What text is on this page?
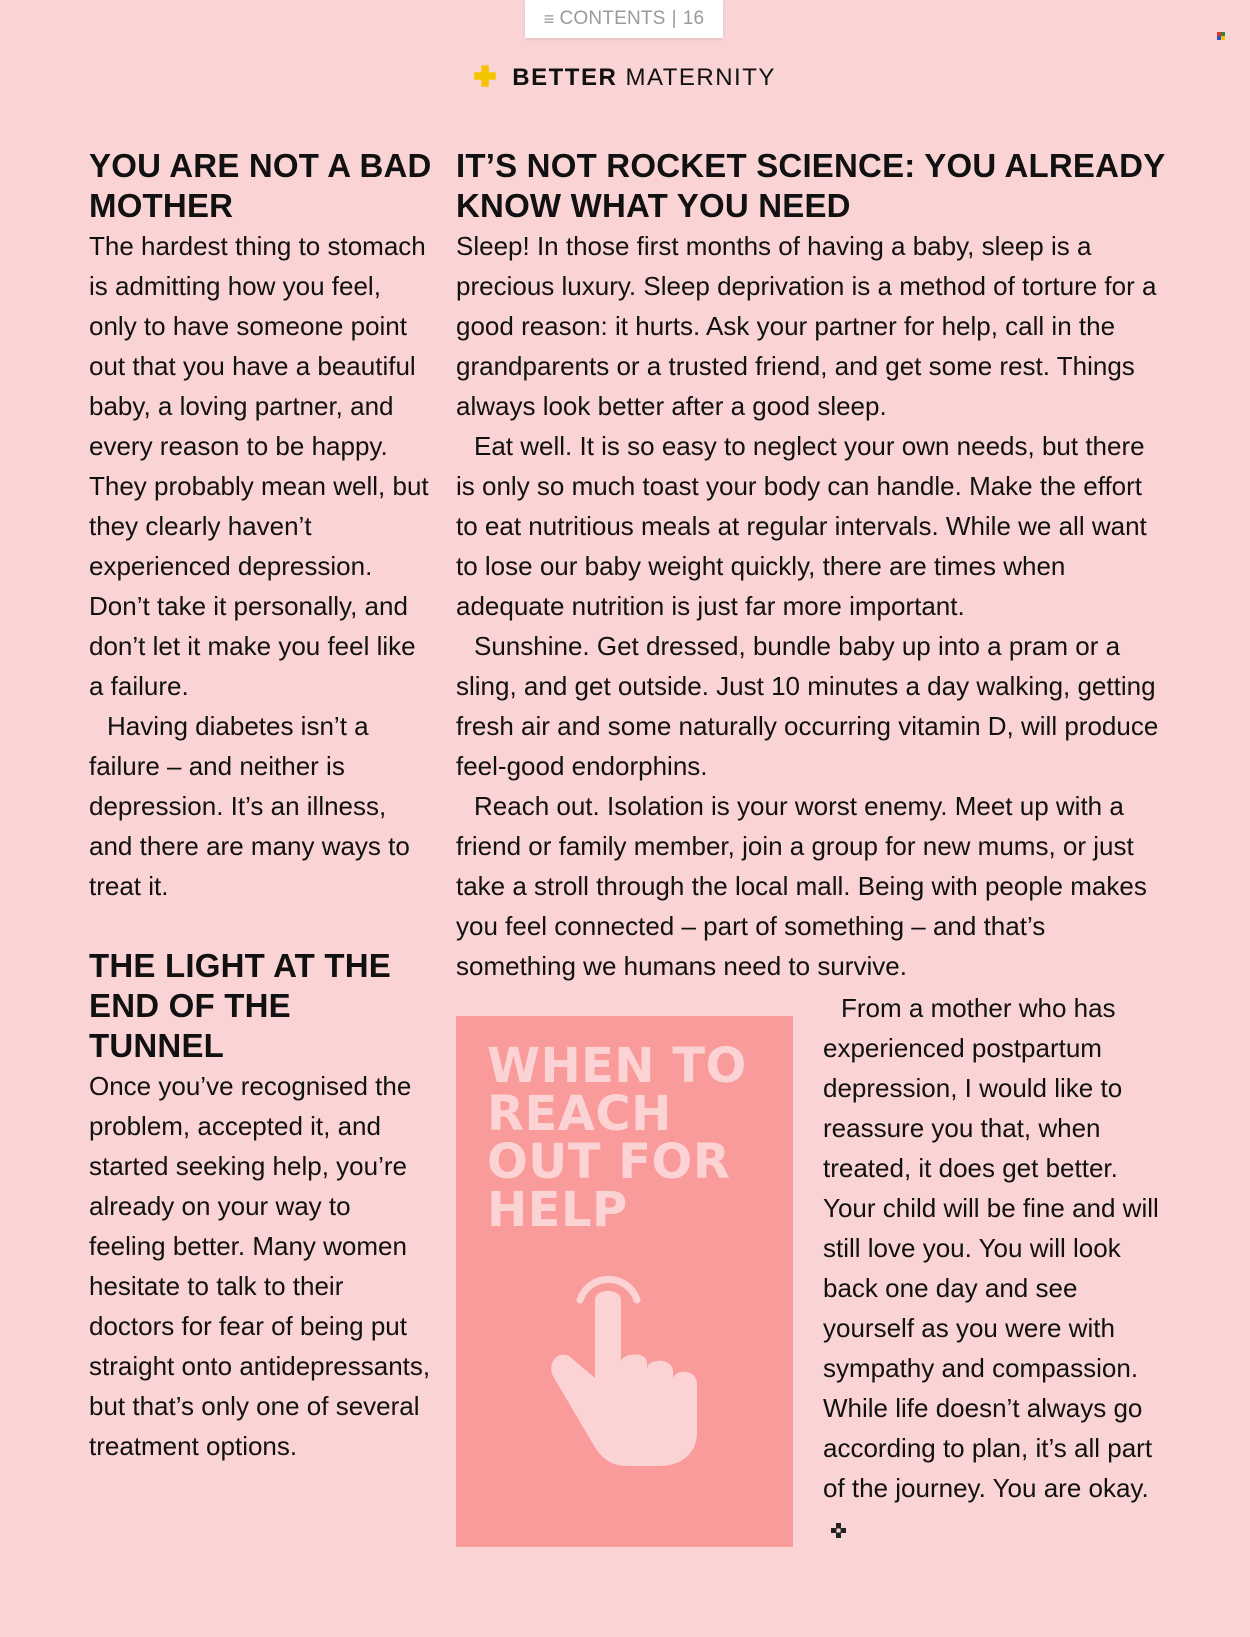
≡ CONTENTS | 16
BETTER MATERNITY
YOU ARE NOT A BAD MOTHER

The hardest thing to stomach is admitting how you feel, only to have someone point out that you have a beautiful baby, a loving partner, and every reason to be happy. They probably mean well, but they clearly haven’t experienced depression. Don’t take it personally, and don’t let it make you feel like a failure.

Having diabetes isn’t a failure – and neither is depression. It’s an illness, and there are many ways to treat it.

THE LIGHT AT THE END OF THE TUNNEL

Once you’ve recognised the problem, accepted it, and started seeking help, you’re already on your way to feeling better. Many women hesitate to talk to their doctors for fear of being put straight onto antidepressants, but that’s only one of several treatment options.

IT’S NOT ROCKET SCIENCE: YOU ALREADY KNOW WHAT YOU NEED

Sleep! In those first months of having a baby, sleep is a precious luxury. Sleep deprivation is a method of torture for a good reason: it hurts. Ask your partner for help, call in the grandparents or a trusted friend, and get some rest. Things always look better after a good sleep.

Eat well. It is so easy to neglect your own needs, but there is only so much toast your body can handle. Make the effort to eat nutritious meals at regular intervals. While we all want to lose our baby weight quickly, there are times when adequate nutrition is just far more important.

Sunshine. Get dressed, bundle baby up into a pram or a sling, and get outside. Just 10 minutes a day walking, getting fresh air and some naturally occurring vitamin D, will produce feel-good endorphins.

Reach out. Isolation is your worst enemy. Meet up with a friend or family member, join a group for new mums, or just take a stroll through the local mall. Being with people makes you feel connected – part of something – and that’s something we humans need to survive.

WHEN TO REACH OUT FOR HELP

From a mother who has experienced postpartum depression, I would like to reassure you that, when treated, it does get better. Your child will be fine and will still love you. You will look back one day and see yourself as you were with sympathy and compassion. While life doesn’t always go according to plan, it’s all part of the journey. You are okay.
